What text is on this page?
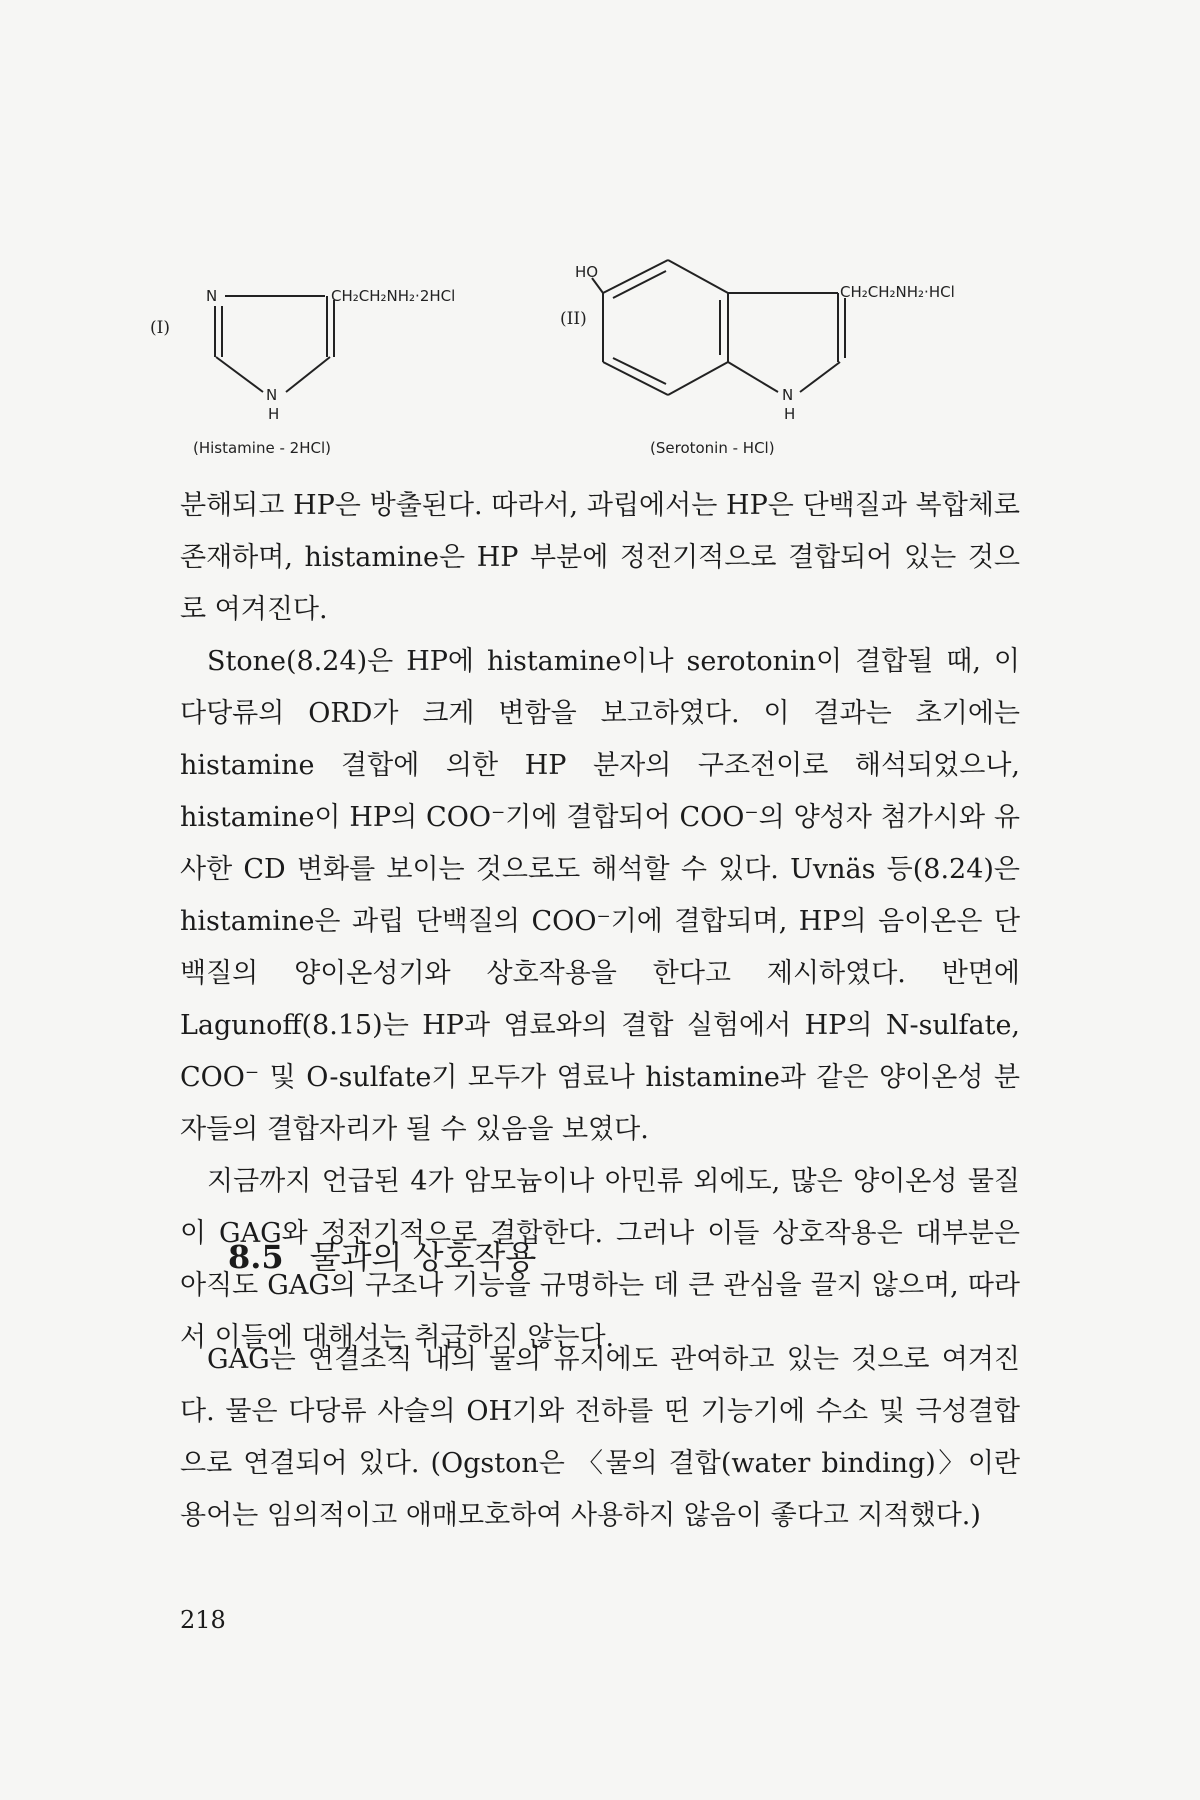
(I)
N	CH₂CH₂NH₂·2HCl
N
H
(Histamine - 2HCl)
HO
(II)
CH₂CH₂NH₂·HCl
N
H
(Serotonin - HCl)

분해되고 HP은 방출된다. 따라서, 과립에서는 HP은 단백질과 복합체로 존재하며, histamine은 HP 부분에 정전기적으로 결합되어 있는 것으로 여겨진다.

Stone(8.24)은 HP에 histamine이나 serotonin이 결합될 때, 이 다당류의 ORD가 크게 변함을 보고하였다. 이 결과는 초기에는 histamine 결합에 의한 HP 분자의 구조전이로 해석되었으나, histamine이 HP의 COO⁻기에 결합되어 COO⁻의 양성자 첨가시와 유사한 CD 변화를 보이는 것으로도 해석할 수 있다. Uvnäs 등(8.24)은 histamine은 과립 단백질의 COO⁻기에 결합되며, HP의 음이온은 단백질의 양이온성기와 상호작용을 한다고 제시하였다. 반면에 Lagunoff(8.15)는 HP과 염료와의 결합 실험에서 HP의 N-sulfate, COO⁻ 및 O-sulfate기 모두가 염료나 histamine과 같은 양이온성 분자들의 결합자리가 될 수 있음을 보였다.

지금까지 언급된 4가 암모늄이나 아민류 외에도, 많은 양이온성 물질이 GAG와 정전기적으로 결합한다. 그러나 이들 상호작용은 대부분은 아직도 GAG의 구조나 기능을 규명하는 데 큰 관심을 끌지 않으며, 따라서 이들에 대해서는 취급하지 않는다.

8.5 물과의 상호작용

GAG는 연결조직 내의 물의 유지에도 관여하고 있는 것으로 여겨진다. 물은 다당류 사슬의 OH기와 전하를 띤 기능기에 수소 및 극성결합으로 연결되어 있다. (Ogston은 〈물의 결합(water binding)〉이란 용어는 임의적이고 애매모호하여 사용하지 않음이 좋다고 지적했다.)

218
